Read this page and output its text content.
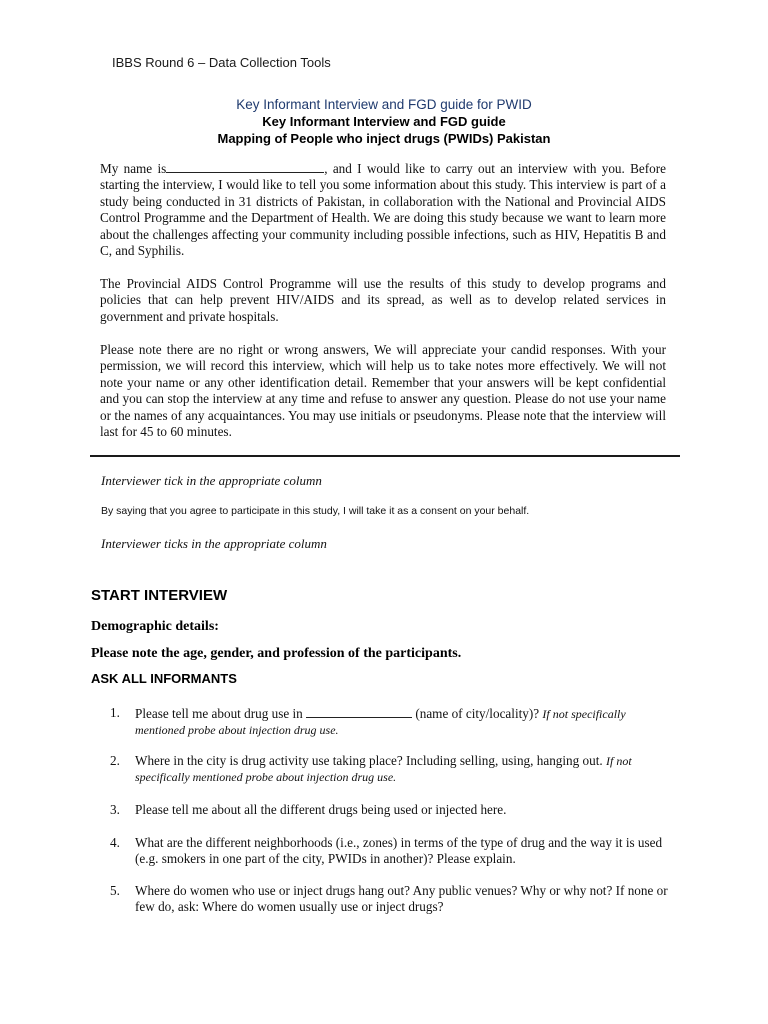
IBBS Round 6 – Data Collection Tools
Key Informant Interview and FGD guide for PWID
Key Informant Interview and FGD guide
Mapping of People who inject drugs (PWIDs) Pakistan
My name is	, and I would like to carry out an interview with you. Before starting the interview, I would like to tell you some information about this study. This interview is part of a study being conducted in 31 districts of Pakistan, in collaboration with the National and Provincial AIDS Control Programme and the Department of Health. We are doing this study because we want to learn more about the challenges affecting your community including possible infections, such as HIV, Hepatitis B and C, and Syphilis.
The Provincial AIDS Control Programme will use the results of this study to develop programs and policies that can help prevent HIV/AIDS and its spread, as well as to develop related services in government and private hospitals.
Please note there are no right or wrong answers, We will appreciate your candid responses. With your permission, we will record this interview, which will help us to take notes more effectively. We will not note your name or any other identification detail. Remember that your answers will be kept confidential and you can stop the interview at any time and refuse to answer any question. Please do not use your name or the names of any acquaintances. You may use initials or pseudonyms. Please note that the interview will last for 45 to 60 minutes.
Interviewer tick in the appropriate column
By saying that you agree to participate in this study, I will take it as a consent on your behalf.
Interviewer ticks in the appropriate column
START INTERVIEW
Demographic details:
Please note the age, gender, and profession of the participants.
ASK ALL INFORMANTS
1.	Please tell me about drug use in	(name of city/locality)? If not specifically mentioned probe about injection drug use.
2.	Where in the city is drug activity use taking place? Including selling, using, hanging out. If not specifically mentioned probe about injection drug use.
3.	Please tell me about all the different drugs being used or injected here.
4.	What are the different neighborhoods (i.e., zones) in terms of the type of drug and the way it is used (e.g. smokers in one part of the city, PWIDs in another)? Please explain.
5.	Where do women who use or inject drugs hang out? Any public venues? Why or why not? If none or few do, ask: Where do women usually use or inject drugs?
